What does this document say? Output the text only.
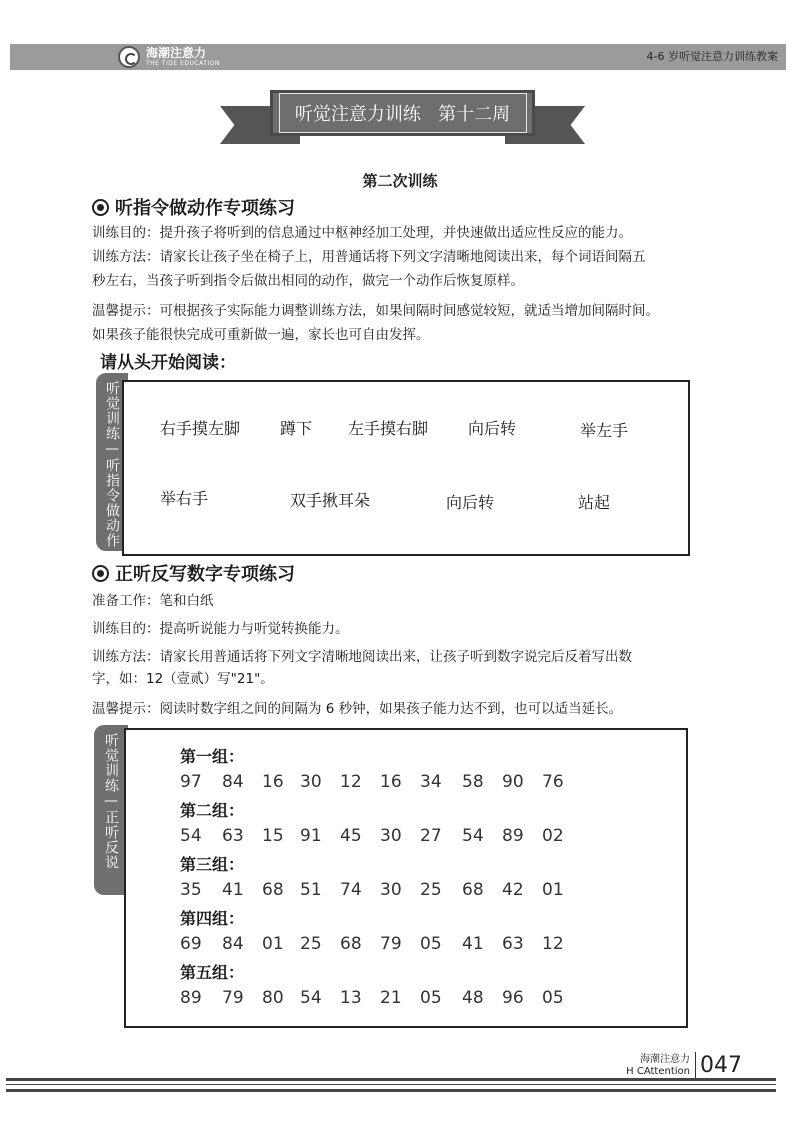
海潮注意力
THE TIDE EDUCATION
4-6 岁听觉注意力训练教案
听觉注意力训练   第十二周
第二次训练
听指令做动作专项练习
训练目的：提升孩子将听到的信息通过中枢神经加工处理，并快速做出适应性反应的能力。
训练方法：请家长让孩子坐在椅子上，用普通话将下列文字清晰地阅读出来，每个词语间隔五
秒左右，当孩子听到指令后做出相同的动作，做完一个动作后恢复原样。
温馨提示：可根据孩子实际能力调整训练方法，如果间隔时间感觉较短，就适当增加间隔时间。
如果孩子能很快完成可重新做一遍，家长也可自由发挥。
请从头开始阅读：
听觉训练—听指令做动作	右手摸左脚 蹲下 左手摸右脚 向后转	举左手
举右手	双手揪耳朵	向后转	站起
正听反写数字专项练习
准备工作：笔和白纸
训练目的：提高听说能力与听觉转换能力。
训练方法：请家长用普通话将下列文字清晰地阅读出来，让孩子听到数字说完后反着写出数
字，如：12（壹贰）写"21"。
温馨提示：阅读时数字组之间的间隔为 6 秒钟，如果孩子能力达不到，也可以适当延长。
听觉训练—正听反说	第一组：
97 84 16 30 12 16 34 58 90 76
第二组：
54 63 15 91 45 30 27 54 89 02
第三组：
35 41 68 51 74 30 25 68 42 01
第四组：
69 84 01 25 68 79 05 41 63 12
第五组：
89 79 80 54 13 21 05 48 96 05
海潮注意力
H CAttention 047
